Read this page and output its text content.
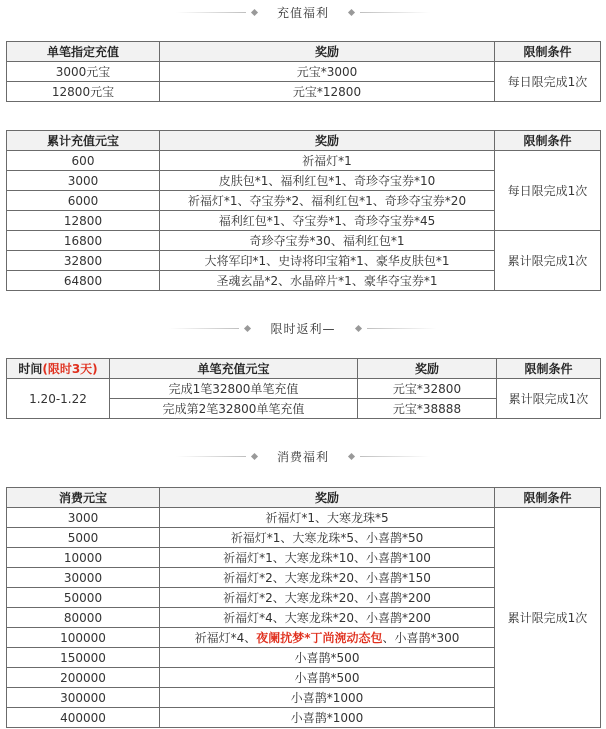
充值福利
单笔指定充值	奖励	限制条件
3000元宝	元宝*3000	每日限完成1次
12800元宝	元宝*12800	
累计充值元宝	奖励	限制条件
600	祈福灯*1	每日限完成1次
3000	皮肤包*1、福利红包*1、奇珍夺宝券*10	
6000	祈福灯*1、夺宝券*2、福利红包*1、奇珍夺宝券*20	
12800	福利红包*1、夺宝券*1、奇珍夺宝券*45	
16800	奇珍夺宝券*30、福利红包*1	累计限完成1次
32800	大将军印*1、史诗将印宝箱*1、豪华皮肤包*1	
64800	圣魂玄晶*2、水晶碎片*1、豪华夺宝券*1	
限时返利—
时间(限时3天)	单笔充值元宝	奖励	限制条件
1.20-1.22	完成1笔32800单笔充值	元宝*32800	累计限完成1次
	完成第2笔32800单笔充值	元宝*38888	
消费福利
消费元宝	奖励	限制条件
3000	祈福灯*1、大寒龙珠*5	累计限完成1次
5000	祈福灯*1、大寒龙珠*5、小喜鹊*50	
10000	祈福灯*1、大寒龙珠*10、小喜鹊*100	
30000	祈福灯*2、大寒龙珠*20、小喜鹊*150	
50000	祈福灯*2、大寒龙珠*20、小喜鹊*200	
80000	祈福灯*4、大寒龙珠*20、小喜鹊*200	
100000	祈福灯*4、夜阑扰梦*丁尚涴动态包、小喜鹊*300	
150000	小喜鹊*500	
200000	小喜鹊*500	
300000	小喜鹊*1000	
400000	小喜鹊*1000	
